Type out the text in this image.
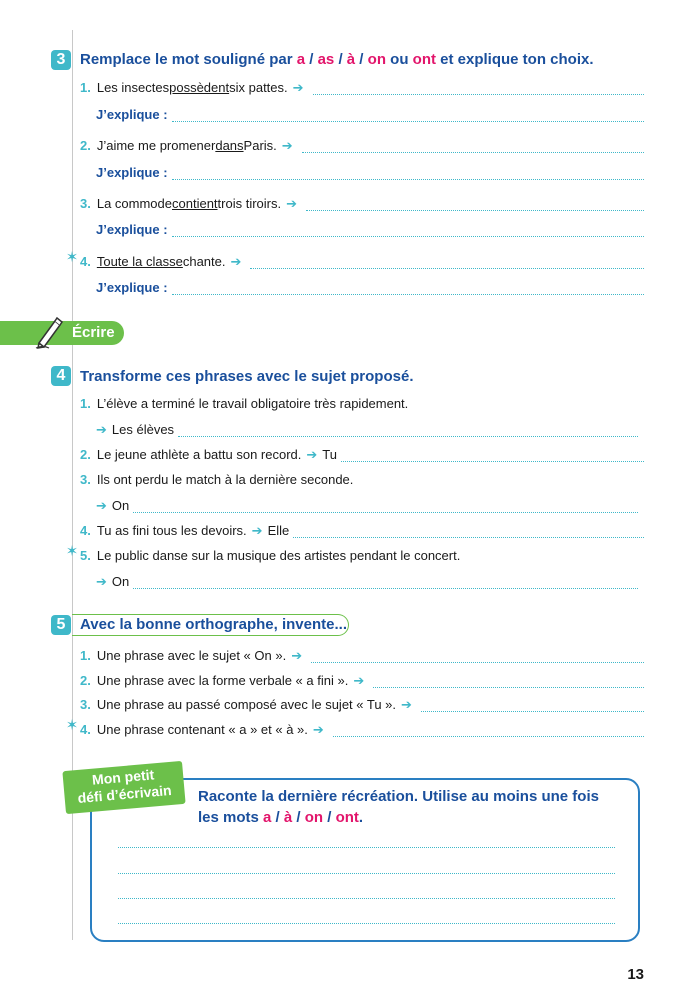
3 Remplace le mot souligné par a / as / à / on ou ont et explique ton choix.
1. Les insectes possèdent six pattes. ➔
J’explique :
2. J’aime me promener dans Paris. ➔
J’explique :
3. La commode contient trois tiroirs. ➔
J’explique :
✶ 4. Toute la classe chante. ➔
J’explique :
Écrire
4 Transforme ces phrases avec le sujet proposé.
1. L’élève a terminé le travail obligatoire très rapidement.
➔ Les élèves
2. Le jeune athlète a battu son record. ➔ Tu
3. Ils ont perdu le match à la dernière seconde.
➔ On
4. Tu as fini tous les devoirs. ➔ Elle
✶ 5. Le public danse sur la musique des artistes pendant le concert.
➔ On
5 Avec la bonne orthographe, invente...
1. Une phrase avec le sujet « On ». ➔
2. Une phrase avec la forme verbale « a fini ». ➔
3. Une phrase au passé composé avec le sujet « Tu ». ➔
✶ 4. Une phrase contenant « a » et « à ». ➔
Mon petit
défi d’écrivain	Raconte la dernière récréation. Utilise au moins une fois
les mots a / à / on / ont.
13
